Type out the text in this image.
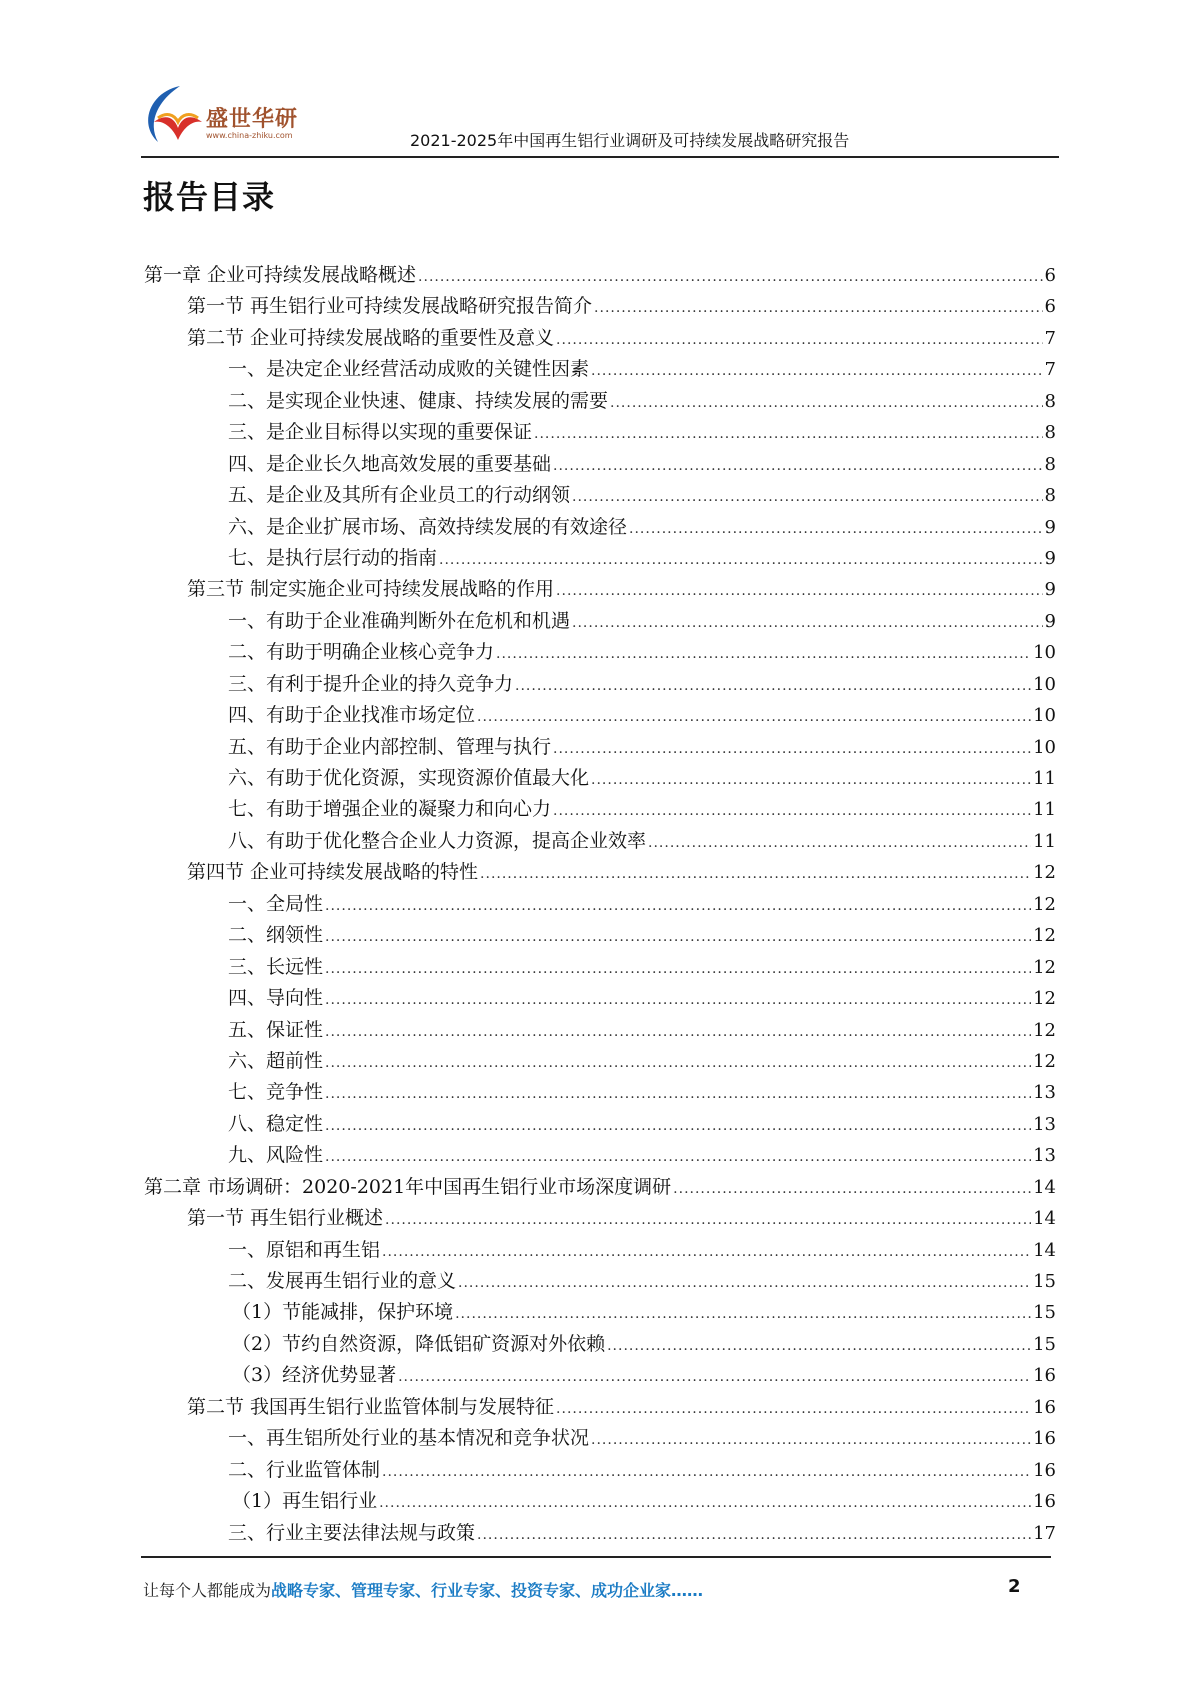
盛世华研
www.china-zhiku.com	2021-2025年中国再生铝行业调研及可持续发展战略研究报告
报告目录
第一章 企业可持续发展战略概述 .....	6
第一节 再生铝行业可持续发展战略研究报告简介 .....	6
第二节 企业可持续发展战略的重要性及意义 .....	7
一、是决定企业经营活动成败的关键性因素 .....	7
二、是实现企业快速、健康、持续发展的需要 .....	8
三、是企业目标得以实现的重要保证 .....	8
四、是企业长久地高效发展的重要基础 .....	8
五、是企业及其所有企业员工的行动纲领 .....	8
六、是企业扩展市场、高效持续发展的有效途径 .....	9
七、是执行层行动的指南 .....	9
第三节 制定实施企业可持续发展战略的作用 .....	9
一、有助于企业准确判断外在危机和机遇 .....	9
二、有助于明确企业核心竞争力 .....	10
三、有利于提升企业的持久竞争力 .....	10
四、有助于企业找准市场定位 .....	10
五、有助于企业内部控制、管理与执行 .....	10
六、有助于优化资源，实现资源价值最大化 .....	11
七、有助于增强企业的凝聚力和向心力 .....	11
八、有助于优化整合企业人力资源，提高企业效率 .....	11
第四节 企业可持续发展战略的特性 .....	12
一、全局性 .....	12
二、纲领性 .....	12
三、长远性 .....	12
四、导向性 .....	12
五、保证性 .....	12
六、超前性 .....	12
七、竞争性 .....	13
八、稳定性 .....	13
九、风险性 .....	13
第二章 市场调研：2020-2021年中国再生铝行业市场深度调研 .....	14
第一节 再生铝行业概述 .....	14
一、原铝和再生铝 .....	14
二、发展再生铝行业的意义 .....	15
（1）节能减排，保护环境 .....	15
（2）节约自然资源，降低铝矿资源对外依赖 .....	15
（3）经济优势显著 .....	16
第二节 我国再生铝行业监管体制与发展特征 .....	16
一、再生铝所处行业的基本情况和竞争状况 .....	16
二、行业监管体制 .....	16
（1）再生铝行业 .....	16
三、行业主要法律法规与政策 .....	17
让每个人都能成为战略专家、管理专家、行业专家、投资专家、成功企业家……	2
